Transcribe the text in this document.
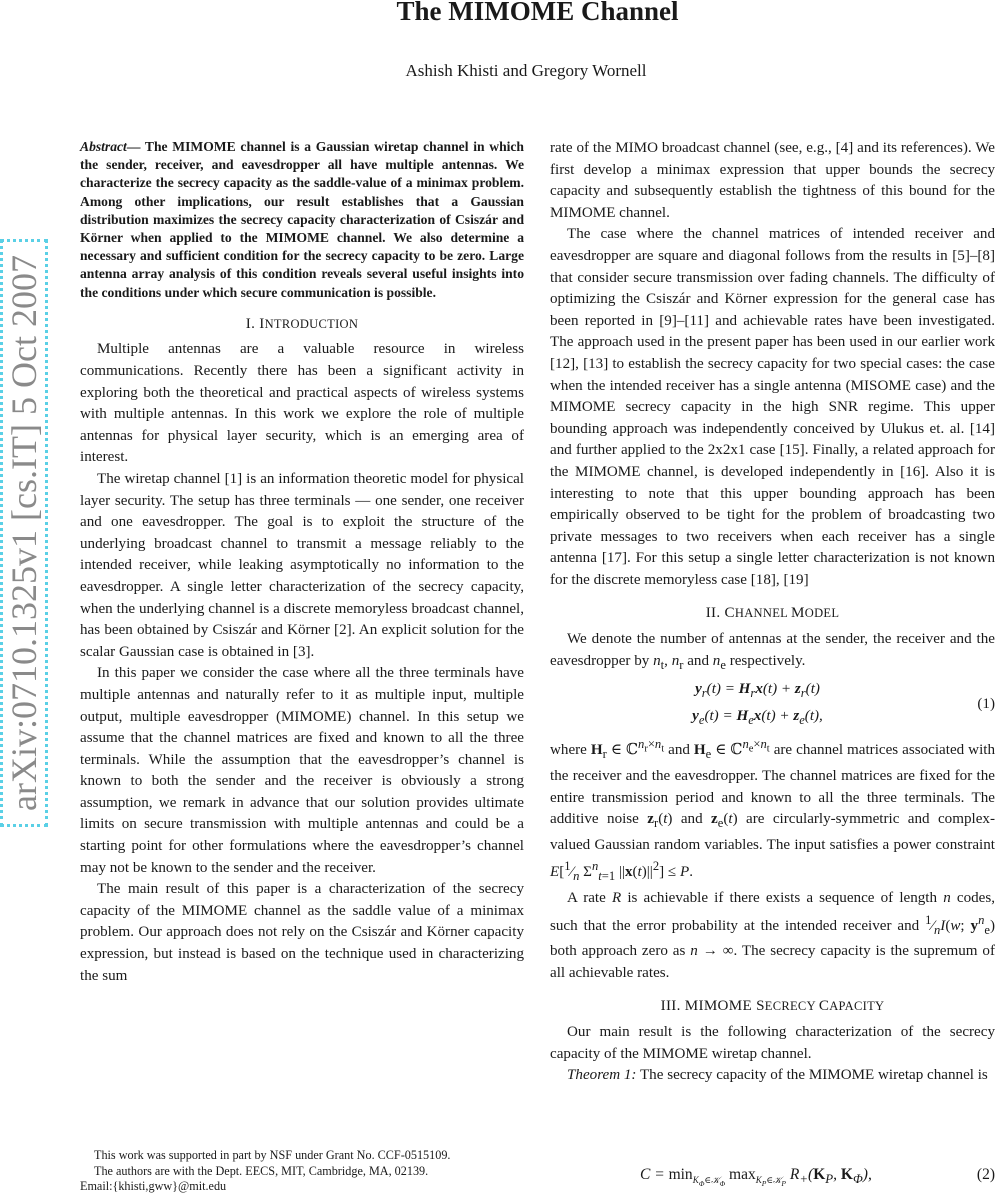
The MIMOME Channel
Ashish Khisti and Gregory Wornell
arXiv:0710.1325v1 [cs.IT] 5 Oct 2007

Abstract— The MIMOME channel is a Gaussian wiretap channel in which the sender, receiver, and eavesdropper all have multiple antennas. We characterize the secrecy capacity as the saddle-value of a minimax problem. Among other implications, our result establishes that a Gaussian distribution maximizes the secrecy capacity characterization of Csiszár and Körner when applied to the MIMOME channel. We also determine a necessary and sufficient condition for the secrecy capacity to be zero. Large antenna array analysis of this condition reveals several useful insights into the conditions under which secure communication is possible.

I. INTRODUCTION

Multiple antennas are a valuable resource in wireless communications. Recently there has been a significant activity in exploring both the theoretical and practical aspects of wireless systems with multiple antennas. In this work we explore the role of multiple antennas for physical layer security, which is an emerging area of interest.

The wiretap channel [1] is an information theoretic model for physical layer security. The setup has three terminals — one sender, one receiver and one eavesdropper. The goal is to exploit the structure of the underlying broadcast channel to transmit a message reliably to the intended receiver, while leaking asymptotically no information to the eavesdropper. A single letter characterization of the secrecy capacity, when the underlying channel is a discrete memoryless broadcast channel, has been obtained by Csiszár and Körner [2]. An explicit solution for the scalar Gaussian case is obtained in [3].

In this paper we consider the case where all the three terminals have multiple antennas and naturally refer to it as multiple input, multiple output, multiple eavesdropper (MIMOME) channel. In this setup we assume that the channel matrices are fixed and known to all the three terminals. While the assumption that the eavesdropper’s channel is known to both the sender and the receiver is obviously a strong assumption, we remark in advance that our solution provides ultimate limits on secure transmission with multiple antennas and could be a starting point for other formulations where the eavesdropper’s channel may not be known to the sender and the receiver.

The main result of this paper is a characterization of the secrecy capacity of the MIMOME channel as the saddle value of a minimax problem. Our approach does not rely on the Csiszár and Körner capacity expression, but instead is based on the technique used in characterizing the sum

rate of the MIMO broadcast channel (see, e.g., [4] and its references). We first develop a minimax expression that upper bounds the secrecy capacity and subsequently establish the tightness of this bound for the MIMOME channel.

The case where the channel matrices of intended receiver and eavesdropper are square and diagonal follows from the results in [5]–[8] that consider secure transmission over fading channels. The difficulty of optimizing the Csiszár and Körner expression for the general case has been reported in [9]–[11] and achievable rates have been investigated. The approach used in the present paper has been used in our earlier work [12], [13] to establish the secrecy capacity for two special cases: the case when the intended receiver has a single antenna (MISOME case) and the MIMOME secrecy capacity in the high SNR regime. This upper bounding approach was independently conceived by Ulukus et. al. [14] and further applied to the 2x2x1 case [15]. Finally, a related approach for the MIMOME channel, is developed independently in [16]. Also it is interesting to note that this upper bounding approach has been empirically observed to be tight for the problem of broadcasting two private messages to two receivers when each receiver has a single antenna [17]. For this setup a single letter characterization is not known for the discrete memoryless case [18], [19]

II. CHANNEL MODEL

We denote the number of antennas at the sender, the receiver and the eavesdropper by $n_t$, $n_r$ and $n_e$ respectively.

$y_r(t) = H_rx(t) + z_r(t)$
$y_e(t) = H_ex(t) + z_e(t)$,
(1)

where $H_r$ ∈ ℂ$^{n_r\times n_t}$ and $H_e$ ∈ ℂ$^{n_e\times n_t}$ are channel matrices associated with the receiver and the eavesdropper. The channel matrices are fixed for the entire transmission period and known to all the three terminals. The additive noise $z_r(t)$ and $z_e(t)$ are circularly-symmetric and complex-valued Gaussian random variables. The input satisfies a power constraint $E[^1⁄_n$ $\Sigma^n_{t=1}$ $||x(t)||^2] \le P$.

A rate R is achievable if there exists a sequence of length n codes, such that the error probability at the intended receiver and $^1⁄_nI(w$; $y^n_e$) both approach zero as n → ∞. The secrecy capacity is the supremum of all achievable rates.

III. MIMOME SECRECY CAPACITY

Our main result is the following characterization of the secrecy capacity of the MIMOME wiretap channel.

Theorem 1: The secrecy capacity of the MIMOME wiretap channel is

$C = \min_{K_\Phi\in 𝒦_\Phi} \max_{K_P\in 𝒦_P} R_+(K_P$, $K_\Phi$),	(2)

This work was supported in part by NSF under Grant No. CCF-0515109.

The authors are with the Dept. EECS, MIT, Cambridge, MA, 02139.

Email:{khisti,gww}@mit.edu
